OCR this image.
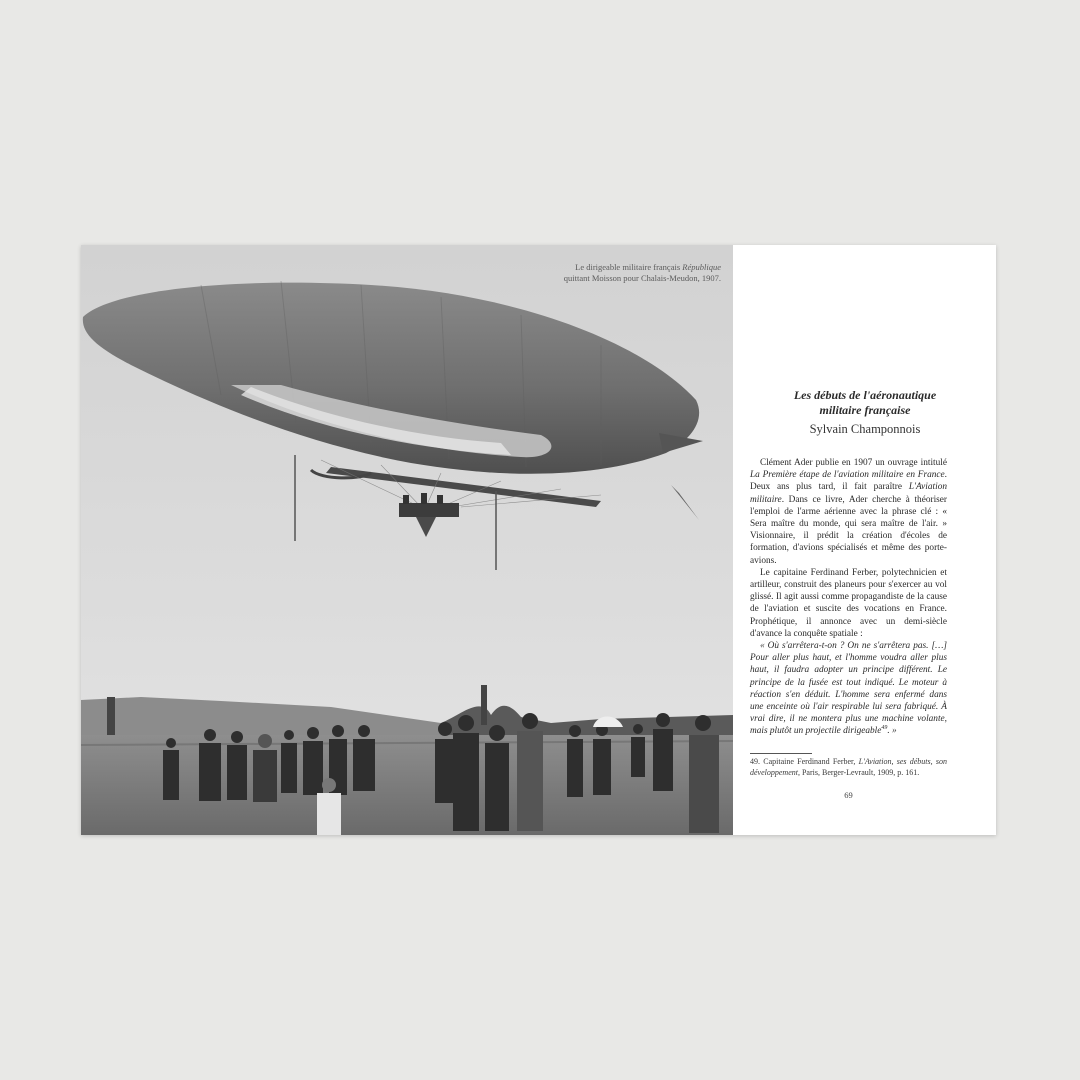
Le dirigeable militaire français République
quittant Moisson pour Chalais-Meudon, 1907.
Les débuts de l'aéronautique
militaire française
Sylvain Champonnois

Clément Ader publie en 1907 un ouvrage intitulé La Première étape de l'aviation militaire en France. Deux ans plus tard, il fait paraître L'Aviation militaire. Dans ce livre, Ader cherche à théoriser l'emploi de l'arme aérienne avec la phrase clé : « Sera maître du monde, qui sera maître de l'air. » Visionnaire, il prédit la création d'écoles de formation, d'avions spécialisés et même des porte-avions.

Le capitaine Ferdinand Ferber, polytechnicien et artilleur, construit des planeurs pour s'exercer au vol glissé. Il agit aussi comme propagandiste de la cause de l'aviation et suscite des vocations en France. Prophétique, il annonce avec un demi-siècle d'avance la conquête spatiale :

« Où s'arrêtera-t-on ? On ne s'arrêtera pas. […] Pour aller plus haut, et l'homme voudra aller plus haut, il faudra adopter un principe différent. Le principe de la fusée est tout indiqué. Le moteur à réaction s'en déduit. L'homme sera enfermé dans une enceinte où l'air respirable lui sera fabriqué. À vrai dire, il ne montera plus une machine volante, mais plutôt un projectile dirigeable$^{49}$. »

49. Capitaine Ferdinand Ferber, L'Aviation, ses débuts, son développement, Paris, Berger-Levrault, 1909, p. 161.
69
